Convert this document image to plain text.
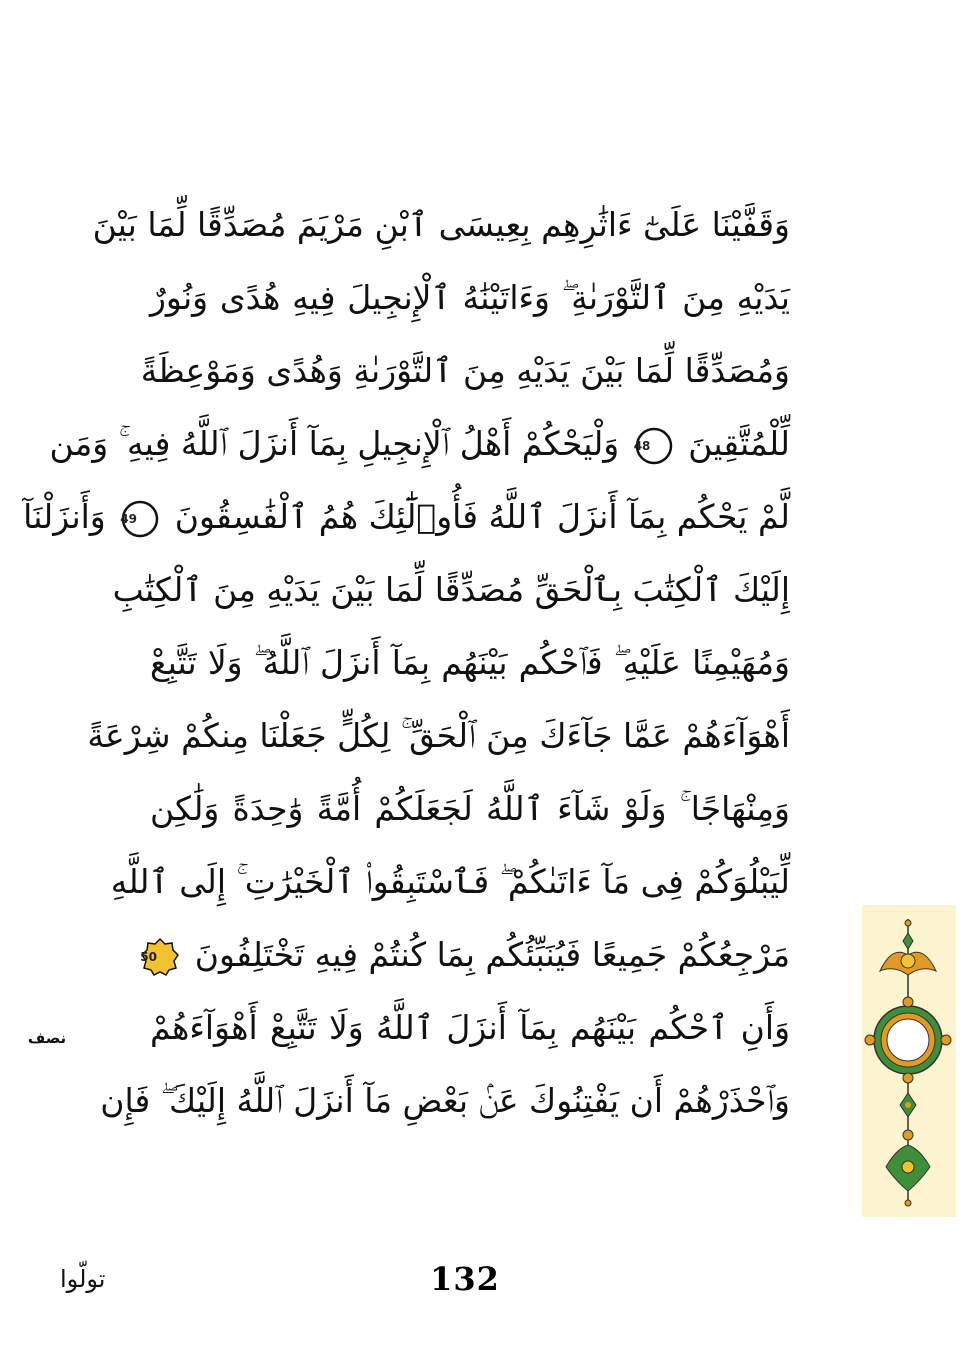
وَقَفَّيْنَا عَلَىٰٓ ءَاثَٰرِهِم بِعِيسَى ٱبْنِ مَرْيَمَ مُصَدِّقًا لِّمَا بَيْنَ
يَدَيْهِ مِنَ ٱلتَّوْرَىٰةِ ۖ وَءَاتَيْنَٰهُ ٱلْإِنجِيلَ فِيهِ هُدًى وَنُورٌ
وَمُصَدِّقًا لِّمَا بَيْنَ يَدَيْهِ مِنَ ٱلتَّوْرَىٰةِ وَهُدًى وَمَوْعِظَةً
لِّلْمُتَّقِينَ
48
وَلْيَحْكُمْ أَهْلُ ٱلْإِنجِيلِ بِمَآ أَنزَلَ ٱللَّهُ فِيهِ ۚ وَمَن
لَّمْ يَحْكُم بِمَآ أَنزَلَ ٱللَّهُ فَأُو۟لَٰٓئِكَ هُمُ ٱلْفَٰسِقُونَ
49
وَأَنزَلْنَآ
إِلَيْكَ ٱلْكِتَٰبَ بِٱلْحَقِّ مُصَدِّقًا لِّمَا بَيْنَ يَدَيْهِ مِنَ ٱلْكِتَٰبِ
وَمُهَيْمِنًا عَلَيْهِ ۖ فَٱحْكُم بَيْنَهُم بِمَآ أَنزَلَ ٱللَّهُ ۖ وَلَا تَتَّبِعْ
أَهْوَآءَهُمْ عَمَّا جَآءَكَ مِنَ ٱلْحَقِّ ۚ لِكُلٍّ جَعَلْنَا مِنكُمْ شِرْعَةً
وَمِنْهَاجًا ۚ وَلَوْ شَآءَ ٱللَّهُ لَجَعَلَكُمْ أُمَّةً وَٰحِدَةً وَلَٰكِن
لِّيَبْلُوَكُمْ فِى مَآ ءَاتَىٰكُمْ ۖ فَٱسْتَبِقُوا۟ ٱلْخَيْرَٰتِ ۚ إِلَى ٱللَّهِ
مَرْجِعُكُمْ جَمِيعًا فَيُنَبِّئُكُم بِمَا كُنتُمْ فِيهِ تَخْتَلِفُونَ
50
وَأَنِ ٱحْكُم بَيْنَهُم بِمَآ أَنزَلَ ٱللَّهُ وَلَا تَتَّبِعْ أَهْوَآءَهُمْ
وَٱحْذَرْهُمْ أَن يَفْتِنُوكَ عَنۢ بَعْضِ مَآ أَنزَلَ ٱللَّهُ إِلَيْكَ ۖ فَإِن
نصف
132
تولّوا
